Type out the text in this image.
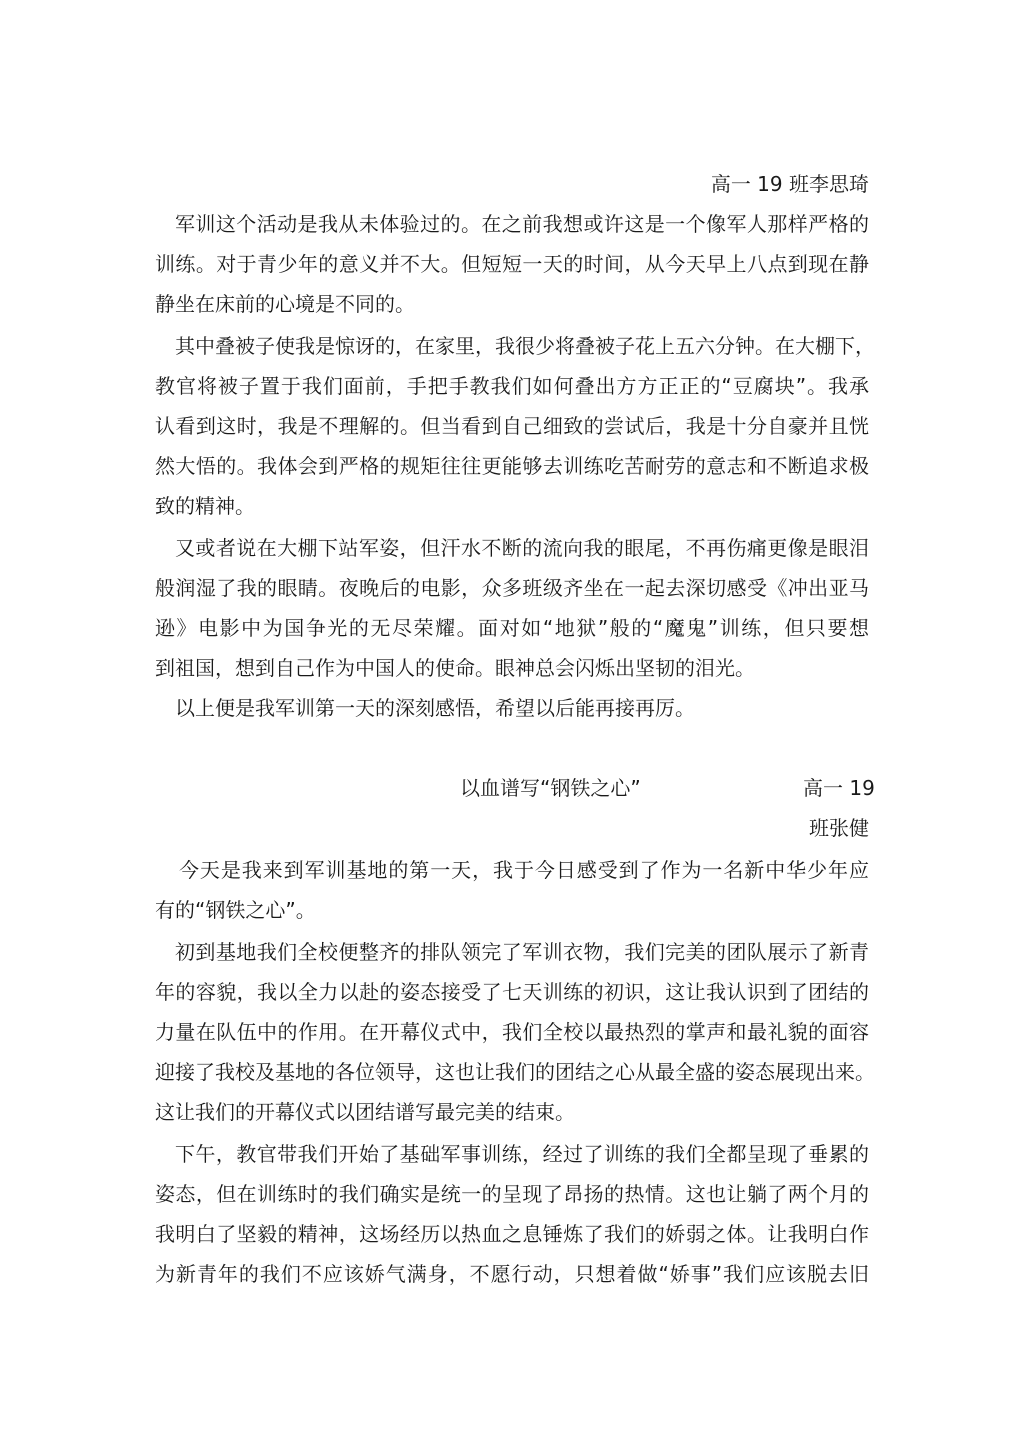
高一 19 班李思琦
军训这个活动是我从未体验过的。在之前我想或许这是一个像军人那样严格的
训练。对于青少年的意义并不大。但短短一天的时间，从今天早上八点到现在静
静坐在床前的心境是不同的。
其中叠被子使我是惊讶的，在家里，我很少将叠被子花上五六分钟。在大棚下，
教官将被子置于我们面前，手把手教我们如何叠出方方正正的“豆腐块”。我承
认看到这时，我是不理解的。但当看到自己细致的尝试后，我是十分自豪并且恍
然大悟的。我体会到严格的规矩往往更能够去训练吃苦耐劳的意志和不断追求极
致的精神。
又或者说在大棚下站军姿，但汗水不断的流向我的眼尾，不再伤痛更像是眼泪
般润湿了我的眼睛。夜晚后的电影，众多班级齐坐在一起去深切感受《冲出亚马
逊》电影中为国争光的无尽荣耀。面对如“地狱”般的“魔鬼”训练，但只要想
到祖国，想到自己作为中国人的使命。眼神总会闪烁出坚韧的泪光。
以上便是我军训第一天的深刻感悟，希望以后能再接再厉。
以血谱写“钢铁之心”	高一 19
班张健
今天是我来到军训基地的第一天，我于今日感受到了作为一名新中华少年应
有的“钢铁之心”。
初到基地我们全校便整齐的排队领完了军训衣物，我们完美的团队展示了新青
年的容貌，我以全力以赴的姿态接受了七天训练的初识，这让我认识到了团结的
力量在队伍中的作用。在开幕仪式中，我们全校以最热烈的掌声和最礼貌的面容
迎接了我校及基地的各位领导，这也让我们的团结之心从最全盛的姿态展现出来。
这让我们的开幕仪式以团结谱写最完美的结束。
下午，教官带我们开始了基础军事训练，经过了训练的我们全都呈现了垂累的
姿态，但在训练时的我们确实是统一的呈现了昂扬的热情。这也让躺了两个月的
我明白了坚毅的精神，这场经历以热血之息锤炼了我们的娇弱之体。让我明白作
为新青年的我们不应该娇气满身，不愿行动，只想着做“娇事”我们应该脱去旧
